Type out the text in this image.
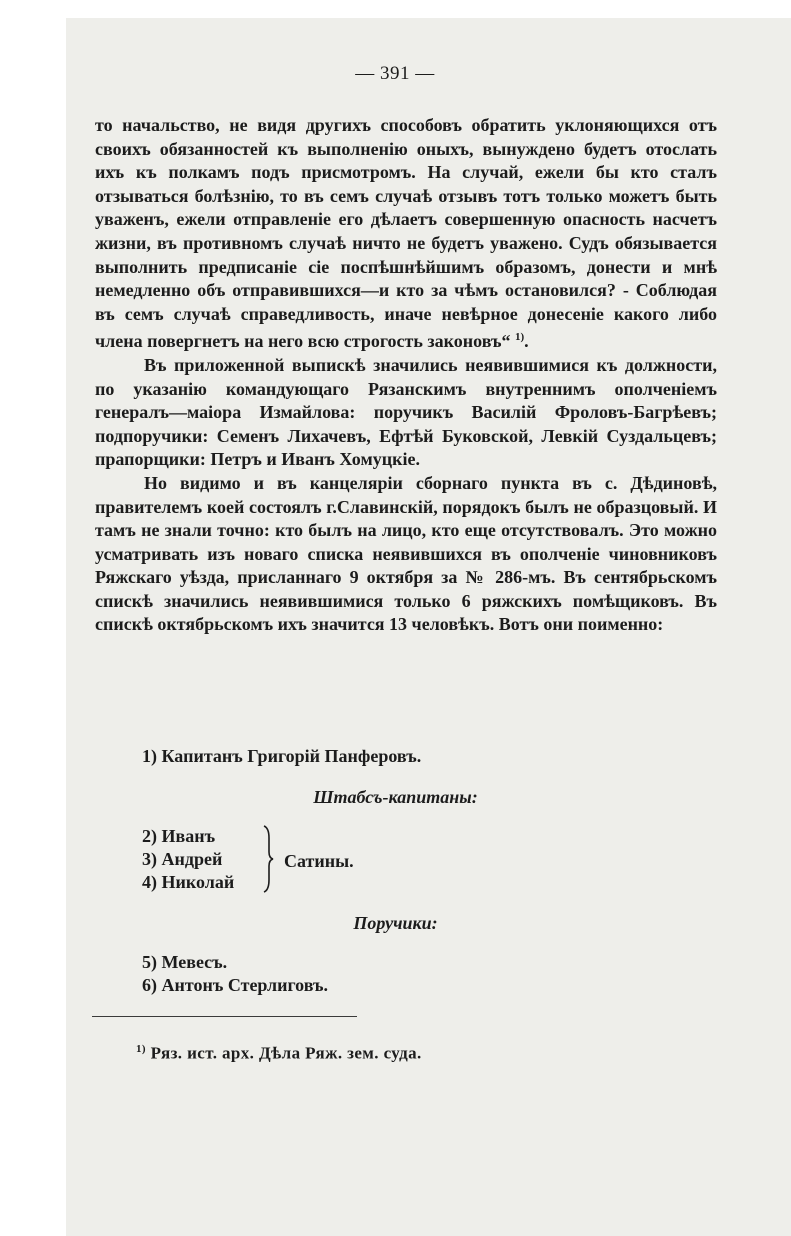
— 391 —

то начальство, не видя другихъ способовъ обратить уклоняющихся отъ своихъ обязанностей къ выполненію оныхъ, вынуждено будетъ отослать ихъ къ полкамъ подъ присмотромъ. На случай, ежели бы кто сталъ отзываться болѣзнію, то въ семъ случаѣ отзывъ тотъ только можетъ быть уваженъ, ежели отправленіе его дѣлаетъ совершенную опасность насчетъ жизни, въ противномъ случаѣ ничто не будетъ уважено. Судъ обязывается выполнить предписаніе сіе поспѣшнѣйшимъ образомъ, донести и мнѣ немедленно объ отправившихся—и кто за чѣмъ остановился? - Соблюдая въ семъ случаѣ справедливость, иначе невѣрное донесеніе какого либо члена повергнетъ на него всю строгость законовъ“ $^{1)}$.

Въ приложенной выпискѣ значились неявившимися къ должности, по указанію командующаго Рязанскимъ внутреннимъ ополченіемъ генералъ—маіора Измайлова: поручикъ Василій Фроловъ-Багрѣевъ; подпоручики: Семенъ Лихачевъ, Ефтѣй Буковской, Левкій Суздальцевъ; прапорщики: Петръ и Иванъ Хомуцкіе.

Но видимо и въ канцеляріи сборнаго пункта въ с. Дѣдиновѣ, правителемъ коей состоялъ г.Славинскій, порядокъ былъ не образцовый. И тамъ не знали точно: кто былъ на лицо, кто еще отсутствовалъ. Это можно усматривать изъ новаго списка неявившихся въ ополченіе чиновниковъ Ряжскаго уѣзда, присланнаго 9 октября за № 286-мъ. Въ сентябрьскомъ спискѣ значились неявившимися только 6 ряжскихъ помѣщиковъ. Въ спискѣ октябрьскомъ ихъ значится 13 человѣкъ. Вотъ они поименно:

1) Капитанъ Григорій Панферовъ.
Штабсъ-капитаны:
2) Иванъ
3) Андрей
4) Николай
Сатины.
Поручики:
5) Мевесъ.
6) Антонъ Стерлиговъ.
$^{1)}$ Ряз. ист. арх. Дѣла Ряж. зем. суда.
